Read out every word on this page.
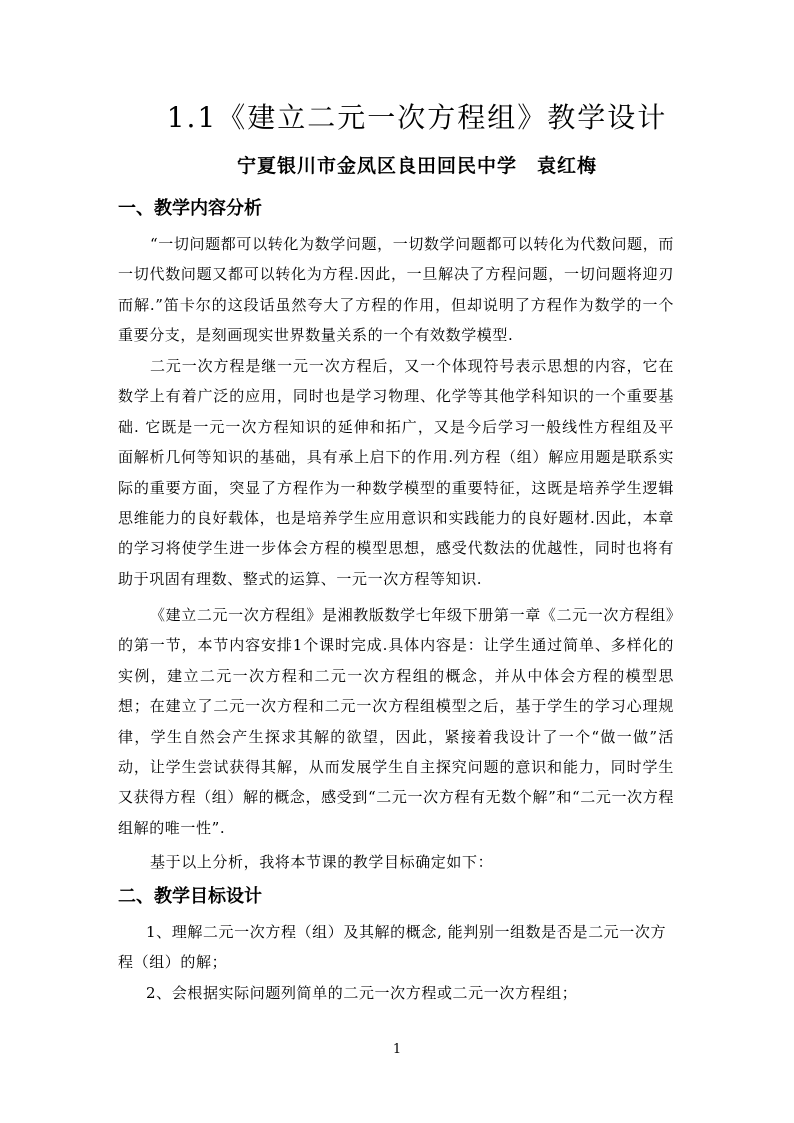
1.1《建立二元一次方程组》教学设计
宁夏银川市金凤区良田回民中学　袁红梅
一、教学内容分析
“一切问题都可以转化为数学问题，一切数学问题都可以转化为代数问题，而一切代数问题又都可以转化为方程.因此，一旦解决了方程问题，一切问题将迎刃而解.”笛卡尔的这段话虽然夸大了方程的作用，但却说明了方程作为数学的一个重要分支，是刻画现实世界数量关系的一个有效数学模型.
二元一次方程是继一元一次方程后，又一个体现符号表示思想的内容，它在数学上有着广泛的应用，同时也是学习物理、化学等其他学科知识的一个重要基础. 它既是一元一次方程知识的延伸和拓广，又是今后学习一般线性方程组及平面解析几何等知识的基础，具有承上启下的作用.列方程（组）解应用题是联系实际的重要方面，突显了方程作为一种数学模型的重要特征，这既是培养学生逻辑思维能力的良好载体，也是培养学生应用意识和实践能力的良好题材.因此，本章的学习将使学生进一步体会方程的模型思想，感受代数法的优越性，同时也将有助于巩固有理数、整式的运算、一元一次方程等知识.
《建立二元一次方程组》是湘教版数学七年级下册第一章《二元一次方程组》的第一节，本节内容安排1个课时完成.具体内容是：让学生通过简单、多样化的实例，建立二元一次方程和二元一次方程组的概念，并从中体会方程的模型思想；在建立了二元一次方程和二元一次方程组模型之后，基于学生的学习心理规律，学生自然会产生探求其解的欲望，因此，紧接着我设计了一个“做一做”活动，让学生尝试获得其解，从而发展学生自主探究问题的意识和能力，同时学生又获得方程（组）解的概念，感受到“二元一次方程有无数个解”和“二元一次方程组解的唯一性”.
基于以上分析，我将本节课的教学目标确定如下：
二、教学目标设计
1、理解二元一次方程（组）及其解的概念, 能判别一组数是否是二元一次方程（组）的解；
2、会根据实际问题列简单的二元一次方程或二元一次方程组；
1
